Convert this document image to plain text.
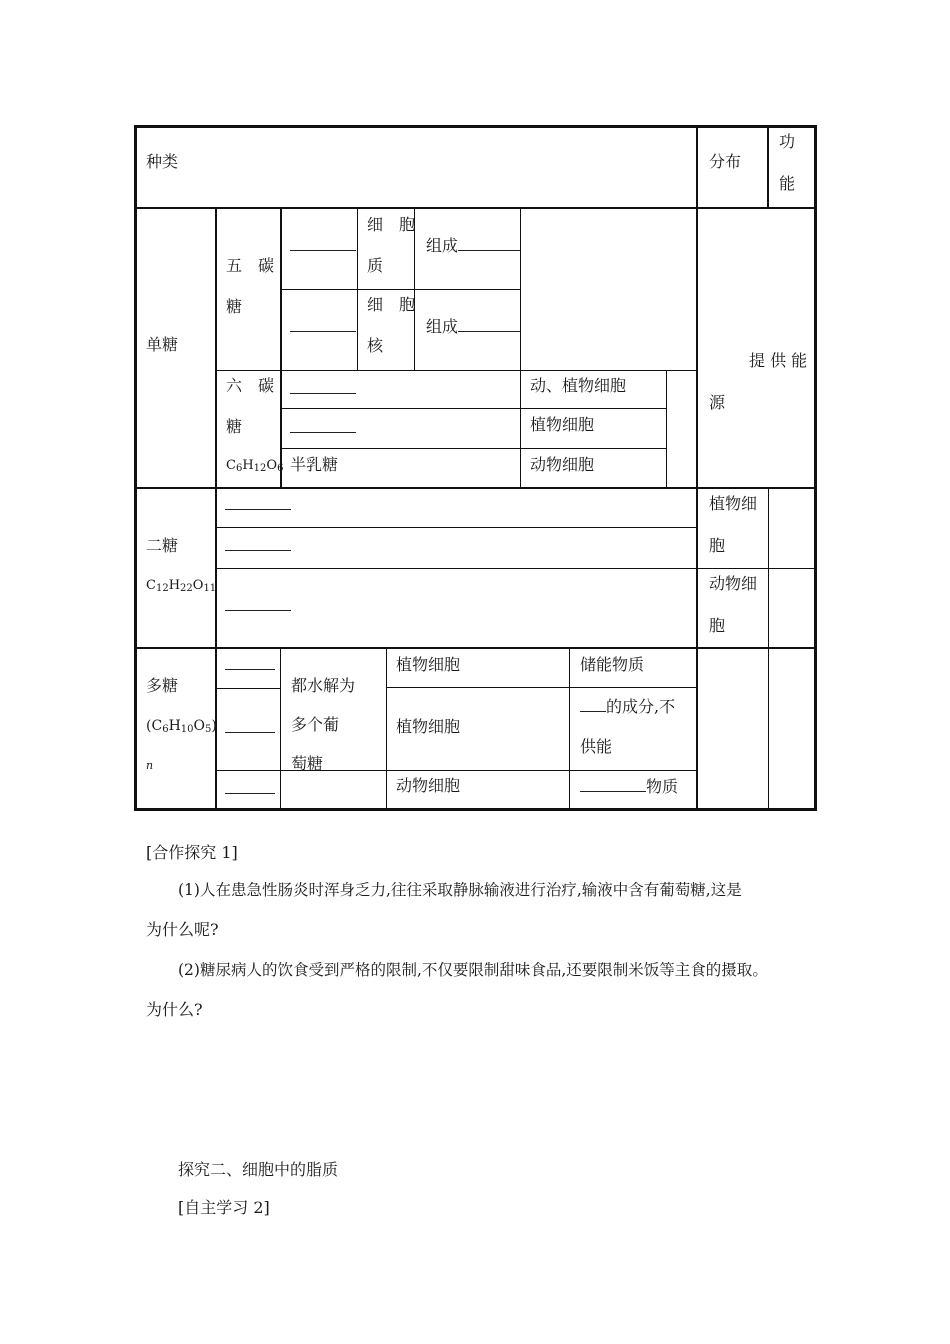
种类	分布
功
能
单糖
五　碳
糖
细　胞
质
细　胞
核
组成
组成
六　碳
糖
$C_6H_{12}O_6$ 半乳糖
动、植物细胞
植物细胞
动物细胞
提 供 能
源
二糖
$C_{12}H_{22}O_{11}$
植物细
胞
动物细
胞
多糖
$(C_6H_{10}O_5)$
n
都水解为
多个葡
萄糖
植物细胞
植物细胞
动物细胞
储能物质
的成分,不
供能
物质
[合作探究 1]
(1)人在患急性肠炎时浑身乏力,往往采取静脉输液进行治疗,输液中含有葡萄糖,这是
为什么呢?
(2)糖尿病人的饮食受到严格的限制,不仅要限制甜味食品,还要限制米饭等主食的摄取。
为什么?
探究二、细胞中的脂质
[自主学习 2]
